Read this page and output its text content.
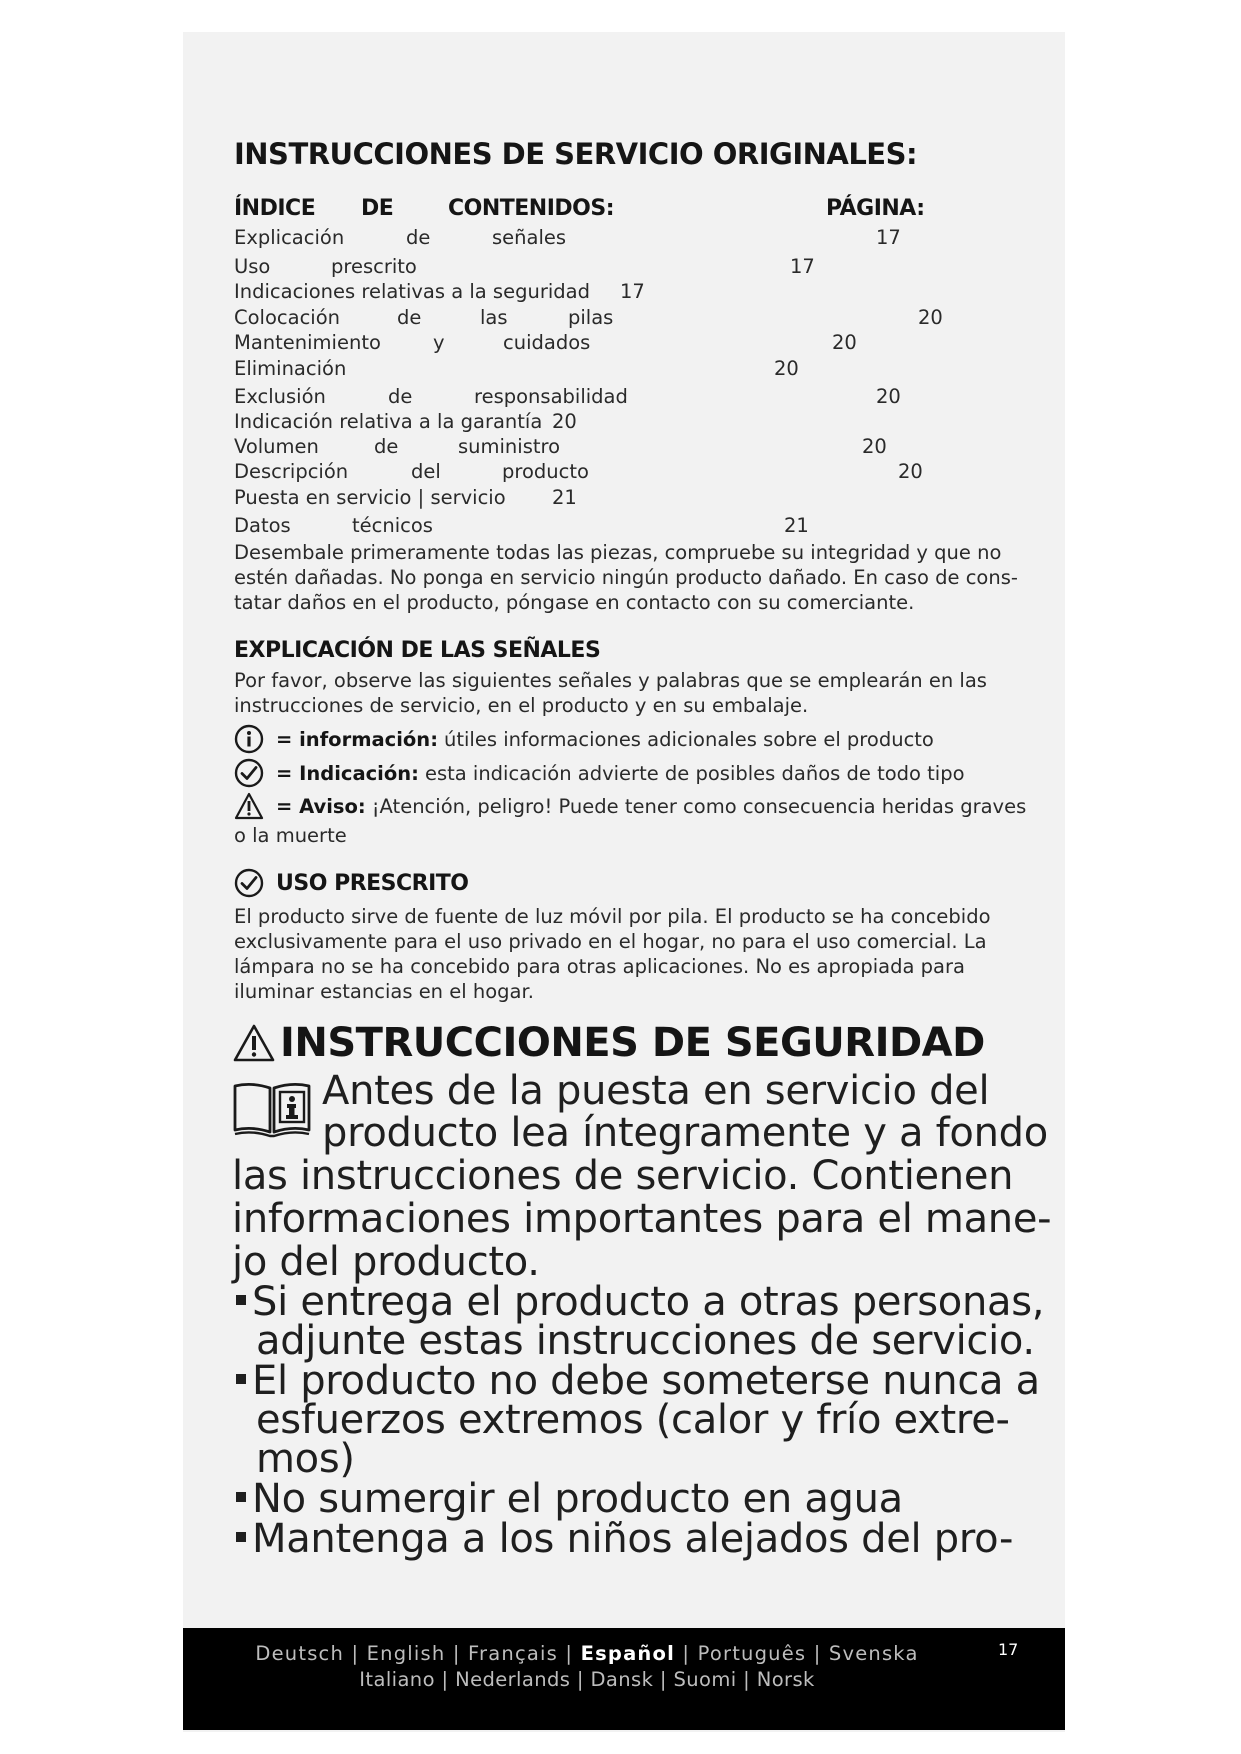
INSTRUCCIONES DE SERVICIO ORIGINALES:
ÍNDICE DE CONTENIDOS:	PÁGINA:
Explicación	de	señales	17
Uso	prescrito	17
Indicaciones relativas a la seguridad 17
Colocación	de	las	pilas	20
Mantenimiento	y	cuidados	20
Eliminación	20
Exclusión	de	responsabilidad	20
Indicación relativa a la garantía 20
Volumen	de	suministro	20
Descripción	del	producto	20
Puesta en servicio | servicio 21
Datos	técnicos	21

Desembale primeramente todas las piezas, compruebe su integridad y que no

estén dañadas. No ponga en servicio ningún producto dañado. En caso de cons-

tatar daños en el producto, póngase en contacto con su comerciante.

EXPLICACIÓN DE LAS SEÑALES

Por favor, observe las siguientes señales y palabras que se emplearán en las

instrucciones de servicio, en el producto y en su embalaje.

= información: útiles informaciones adicionales sobre el producto
= Indicación: esta indicación advierte de posibles daños de todo tipo
= Aviso: ¡Atención, peligro! Puede tener como consecuencia heridas graves
o la muerte
USO PRESCRITO

El producto sirve de fuente de luz móvil por pila. El producto se ha concebido

exclusivamente para el uso privado en el hogar, no para el uso comercial. La

lámpara no se ha concebido para otras aplicaciones. No es apropiada para

iluminar estancias en el hogar.

INSTRUCCIONES DE SEGURIDAD
Antes de la puesta en servicio del
producto lea íntegramente y a fondo
las instrucciones de servicio. Contienen
informaciones importantes para el mane-
jo del producto.
Si entrega el producto a otras personas,
adjunte estas instrucciones de servicio.
El producto no debe someterse nunca a
esfuerzos extremos (calor y frío extre-
mos)
No sumergir el producto en agua
Mantenga a los niños alejados del pro-
Deutsch | English | Français | Español | Português | Svenska
Italiano | Nederlands | Dansk | Suomi | Norsk
17
